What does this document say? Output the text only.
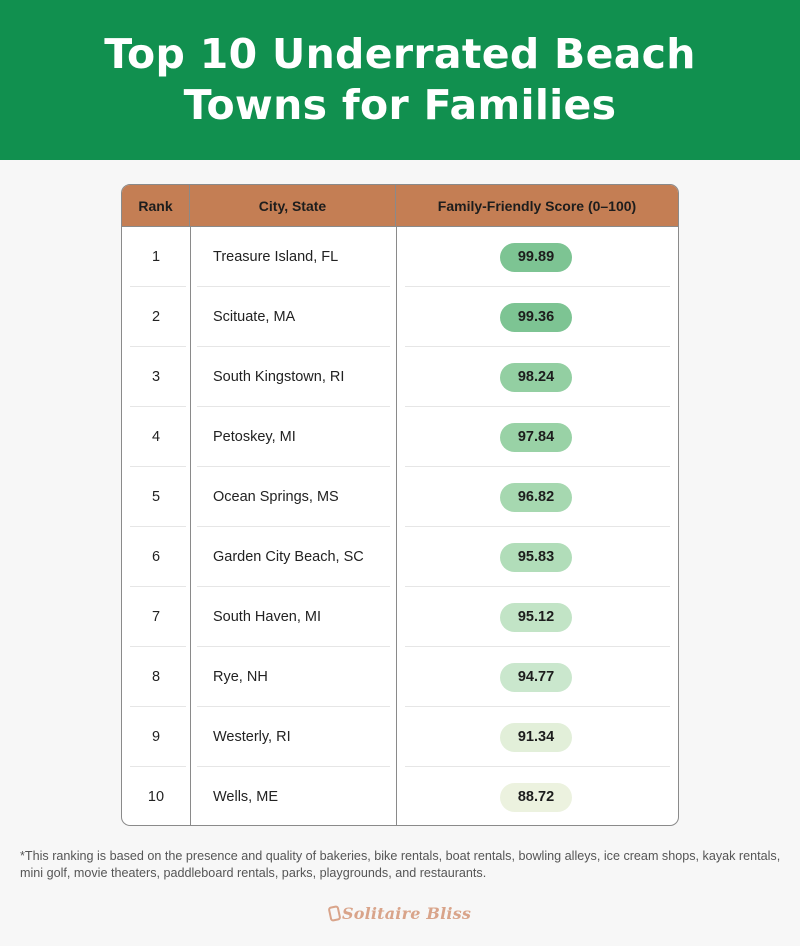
Top 10 Underrated Beach Towns for Families
Rank	City, State	Family-Friendly Score (0–100)
1	Treasure Island, FL	99.89
2	Scituate, MA	99.36
3	South Kingstown, RI	98.24
4	Petoskey, MI	97.84
5	Ocean Springs, MS	96.82
6	Garden City Beach, SC	95.83
7	South Haven, MI	95.12
8	Rye, NH	94.77
9	Westerly, RI	91.34
10	Wells, ME	88.72

*This ranking is based on the presence and quality of bakeries, bike rentals, boat rentals, bowling alleys, ice cream shops, kayak rentals, mini golf, movie theaters, paddleboard rentals, parks, playgrounds, and restaurants.

Solitaire Bliss
